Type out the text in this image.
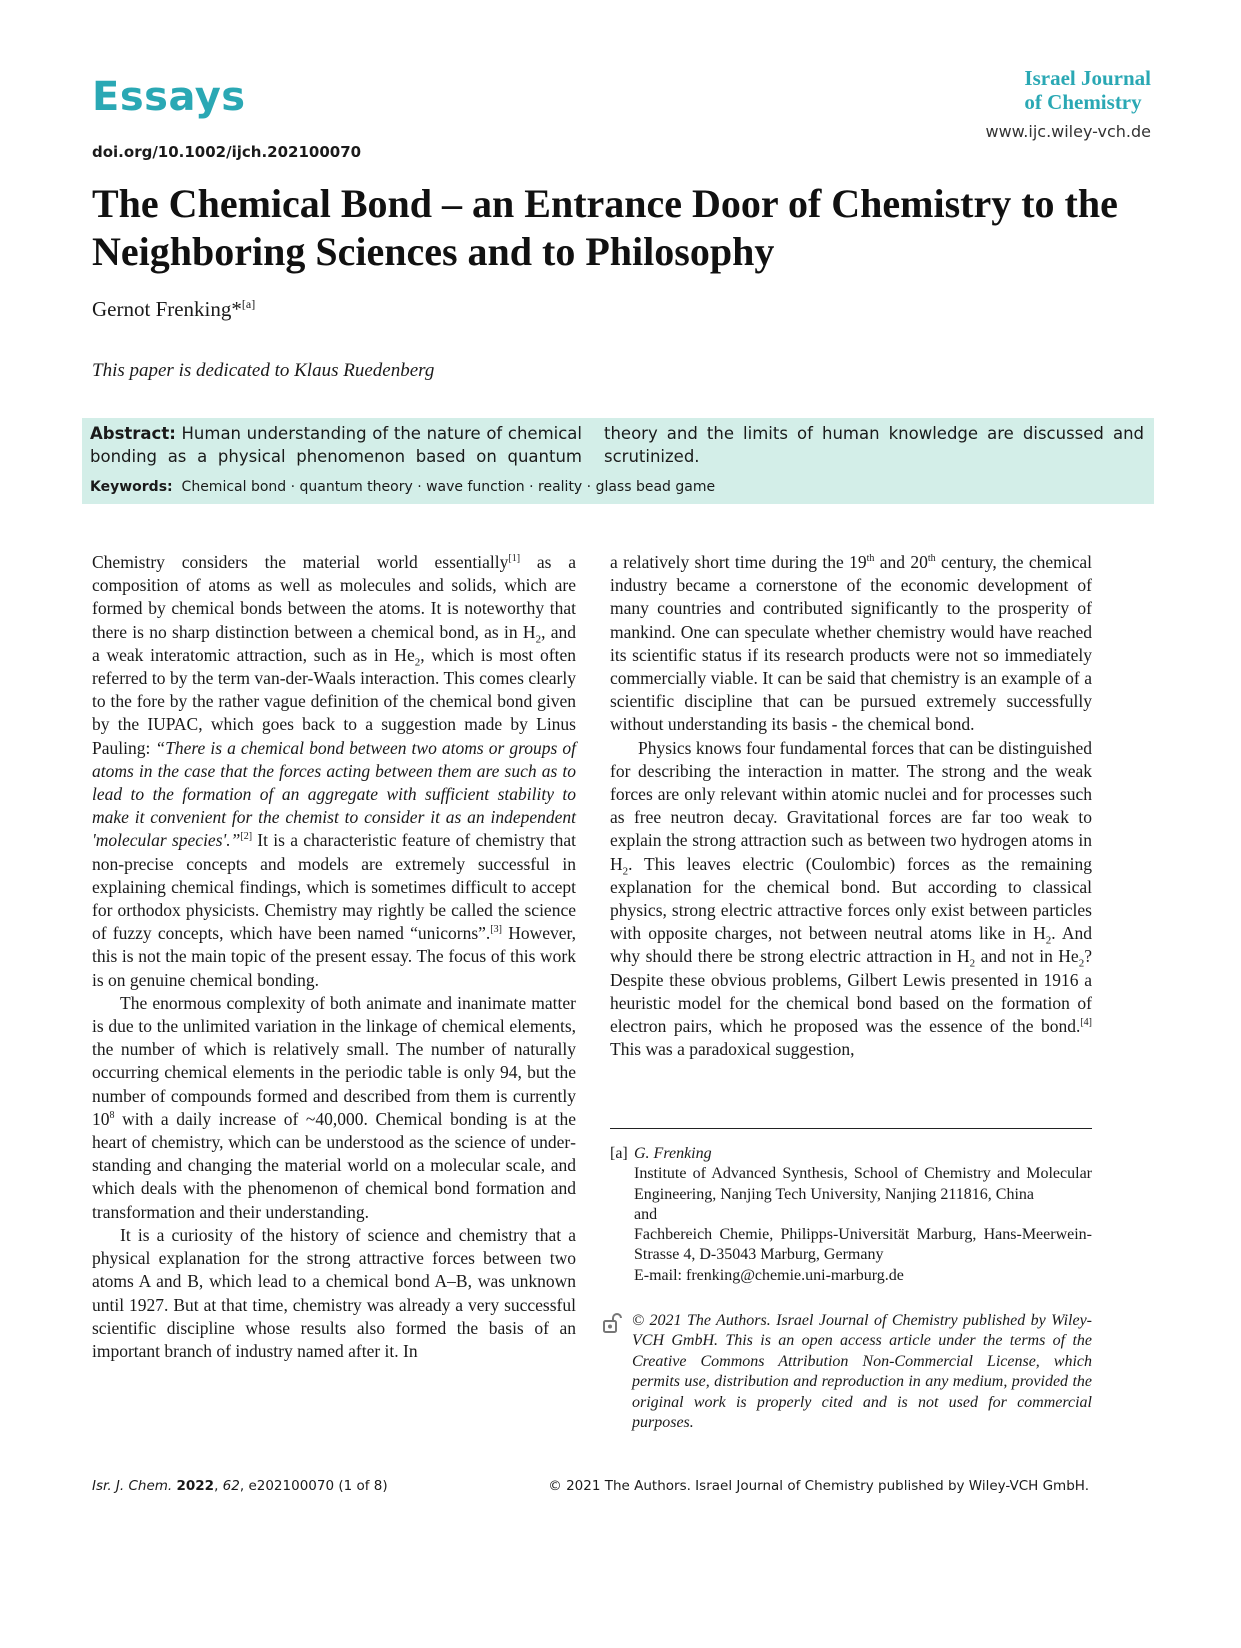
Essays
doi.org/10.1002/ijch.202100070
Israel Journal
of Chemistry
www.ijc.wiley-vch.de
The Chemical Bond – an Entrance Door of Chemistry to the Neighboring Sciences and to Philosophy
Gernot Frenking*[a]
This paper is dedicated to Klaus Ruedenberg
Abstract: Human understanding of the nature of chemical
bonding as a physical phenomenon based on quantum
theory and the limits of human knowledge are discussed and
scrutinized.
Keywords: Chemical bond · quantum theory · wave function · reality · glass bead game

Chemistry considers the material world essentially[1] as a composition of atoms as well as molecules and solids, which are formed by chemical bonds between the atoms. It is noteworthy that there is no sharp distinction between a chemical bond, as in $H_2$, and a weak interatomic attraction, such as in $He_2$, which is most often referred to by the term van-der-Waals interaction. This comes clearly to the fore by the rather vague definition of the chemical bond given by the IUPAC, which goes back to a suggestion made by Linus Pauling: “There is a chemical bond between two atoms or groups of atoms in the case that the forces acting between them are such as to lead to the formation of an aggregate with sufficient stability to make it convenient for the chemist to consider it as an independent 'molecular species'.”[2] It is a characteristic feature of chemistry that non-precise concepts and models are extremely successful in explaining chemical findings, which is sometimes difficult to accept for orthodox physicists. Chemistry may rightly be called the science of fuzzy concepts, which have been named “unicorns”.[3] However, this is not the main topic of the present essay. The focus of this work is on genuine chemical bonding.

The enormous complexity of both animate and inanimate matter is due to the unlimited variation in the linkage of chemical elements, the number of which is relatively small. The number of naturally occurring chemical elements in the periodic table is only 94, but the number of compounds formed and described from them is currently $10^8$ with a daily increase of ~40,000. Chemical bonding is at the heart of chemistry, which can be understood as the science of understanding and changing the material world on a molecular scale, and which deals with the phenomenon of chemical bond formation and transformation and their understanding.

It is a curiosity of the history of science and chemistry that a physical explanation for the strong attractive forces between two atoms A and B, which lead to a chemical bond A–B, was unknown until 1927. But at that time, chemistry was already a very successful scientific discipline whose results also formed the basis of an important branch of industry named after it. In

a relatively short time during the 19th and 20th century, the chemical industry became a cornerstone of the economic development of many countries and contributed significantly to the prosperity of mankind. One can speculate whether chemistry would have reached its scientific status if its research products were not so immediately commercially viable. It can be said that chemistry is an example of a scientific discipline that can be pursued extremely successfully without understanding its basis - the chemical bond.

Physics knows four fundamental forces that can be distinguished for describing the interaction in matter. The strong and the weak forces are only relevant within atomic nuclei and for processes such as free neutron decay. Gravitational forces are far too weak to explain the strong attraction such as between two hydrogen atoms in $H_2$. This leaves electric (Coulombic) forces as the remaining explanation for the chemical bond. But according to classical physics, strong electric attractive forces only exist between particles with opposite charges, not between neutral atoms like in $H_2$. And why should there be strong electric attraction in $H_2$ and not in $He_2$? Despite these obvious problems, Gilbert Lewis presented in 1916 a heuristic model for the chemical bond based on the formation of electron pairs, which he proposed was the essence of the bond.[4] This was a paradoxical suggestion,

[a] G. Frenking
Institute of Advanced Synthesis, School of Chemistry and Molecular Engineering, Nanjing Tech University, Nanjing 211816, China
and
Fachbereich Chemie, Philipps-Universität Marburg, Hans-Meerwein-Strasse 4, D-35043 Marburg, Germany
E-mail: frenking@chemie.uni-marburg.de
© 2021 The Authors. Israel Journal of Chemistry published by Wiley-VCH GmbH. This is an open access article under the terms of the Creative Commons Attribution Non-Commercial License, which permits use, distribution and reproduction in any medium, provided the original work is properly cited and is not used for commercial purposes.
Isr. J. Chem. 2022, 62, e202100070 (1 of 8)	© 2021 The Authors. Israel Journal of Chemistry published by Wiley-VCH GmbH.
